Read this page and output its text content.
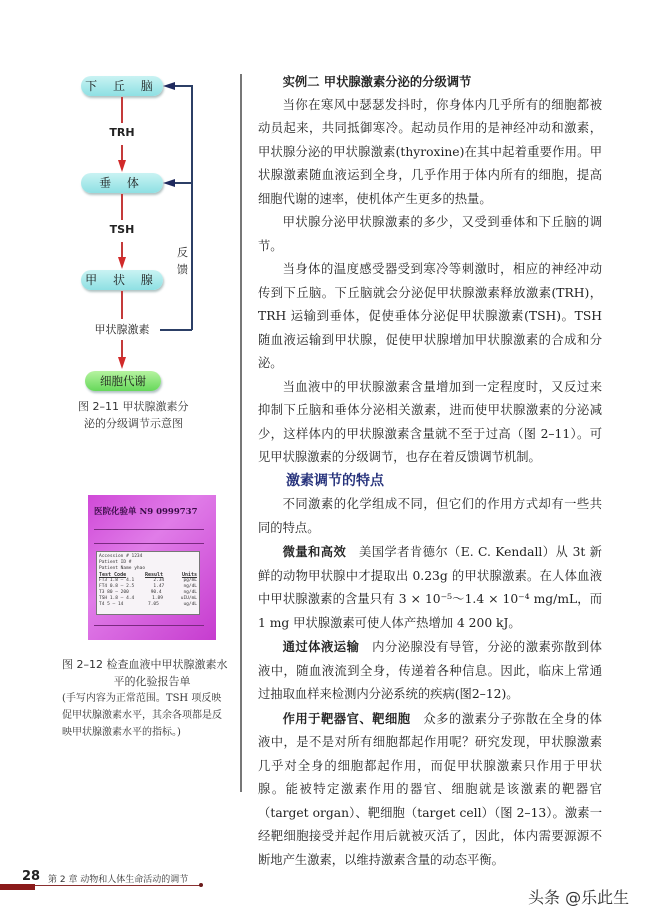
下 丘 脑
垂 体
甲 状 腺
细胞代谢
TRH
TSH
甲状腺激素
反
馈
图 2–11 甲状腺激素分
泌的分级调节示意图
医院化验单 N9 0999737
Accession # 1234
Patient ID #
Patient Name yhao
Test Code	Result	Units
FT3 1.8 — 4.1	2.34	pg/mL
FT4 0.8 — 2.5	1.47	ng/dL
T3 80 — 200	90.4	ng/dL
TSH 1.8 — 4.4	1.89	uIU/mL
T4 5 — 14	7.05	ug/dL
图 2–12 检查血液中甲状腺激素水
平的化验报告单
(手写内容为正常范围。TSH 项反映
促甲状腺激素水平，其余各项都是反
映甲状腺激素水平的指标。)

实例二 甲状腺激素分泌的分级调节

当你在寒风中瑟瑟发抖时，你身体内几乎所有的细胞都被动员起来，共同抵御寒冷。起动员作用的是神经冲动和激素，甲状腺分泌的甲状腺激素(thyroxine)在其中起着重要作用。甲状腺激素随血液运到全身，几乎作用于体内所有的细胞，提高细胞代谢的速率，使机体产生更多的热量。

甲状腺分泌甲状腺激素的多少，又受到垂体和下丘脑的调节。

当身体的温度感受器受到寒冷等刺激时，相应的神经冲动传到下丘脑。下丘脑就会分泌促甲状腺激素释放激素(TRH)，TRH 运输到垂体，促使垂体分泌促甲状腺激素(TSH)。TSH 随血液运输到甲状腺，促使甲状腺增加甲状腺激素的合成和分泌。

当血液中的甲状腺激素含量增加到一定程度时，又反过来抑制下丘脑和垂体分泌相关激素，进而使甲状腺激素的分泌减少，这样体内的甲状腺激素含量就不至于过高（图 2–11）。可见甲状腺激素的分级调节，也存在着反馈调节机制。

激素调节的特点

不同激素的化学组成不同，但它们的作用方式却有一些共同的特点。

微量和高效　美国学者肯德尔（E. C. Kendall）从 3t 新鲜的动物甲状腺中才提取出 0.23g 的甲状腺激素。在人体血液中甲状腺激素的含量只有 3 × 10⁻⁵～1.4 × 10⁻⁴ mg/mL，而 1 mg 甲状腺激素可使人体产热增加 4 200 kJ。

通过体液运输　内分泌腺没有导管，分泌的激素弥散到体液中，随血液流到全身，传递着各种信息。因此，临床上常通过抽取血样来检测内分泌系统的疾病(图2–12)。

作用于靶器官、靶细胞　众多的激素分子弥散在全身的体液中，是不是对所有细胞都起作用呢？研究发现，甲状腺激素几乎对全身的细胞都起作用，而促甲状腺激素只作用于甲状腺。能被特定激素作用的器官、细胞就是该激素的靶器官（target organ）、靶细胞（target cell）（图 2–13）。激素一经靶细胞接受并起作用后就被灭活了，因此，体内需要源源不断地产生激素，以维持激素含量的动态平衡。

28 第 2 章 动物和人体生命活动的调节
头条 @乐此生
